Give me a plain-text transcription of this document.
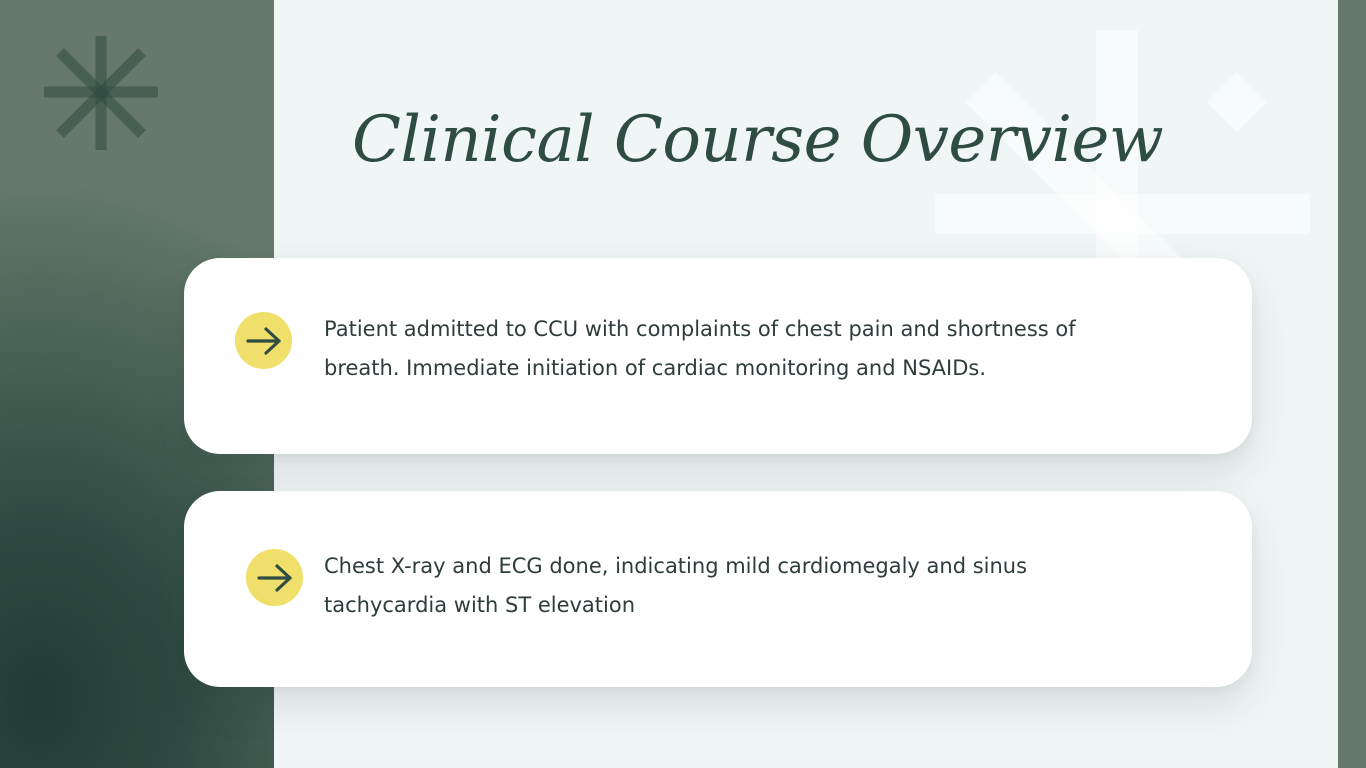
Clinical Course Overview

Patient admitted to CCU with complaints of chest pain and shortness of breath. Immediate initiation of cardiac monitoring and NSAIDs.

Chest X-ray and ECG done, indicating mild cardiomegaly and sinus tachycardia with ST elevation
